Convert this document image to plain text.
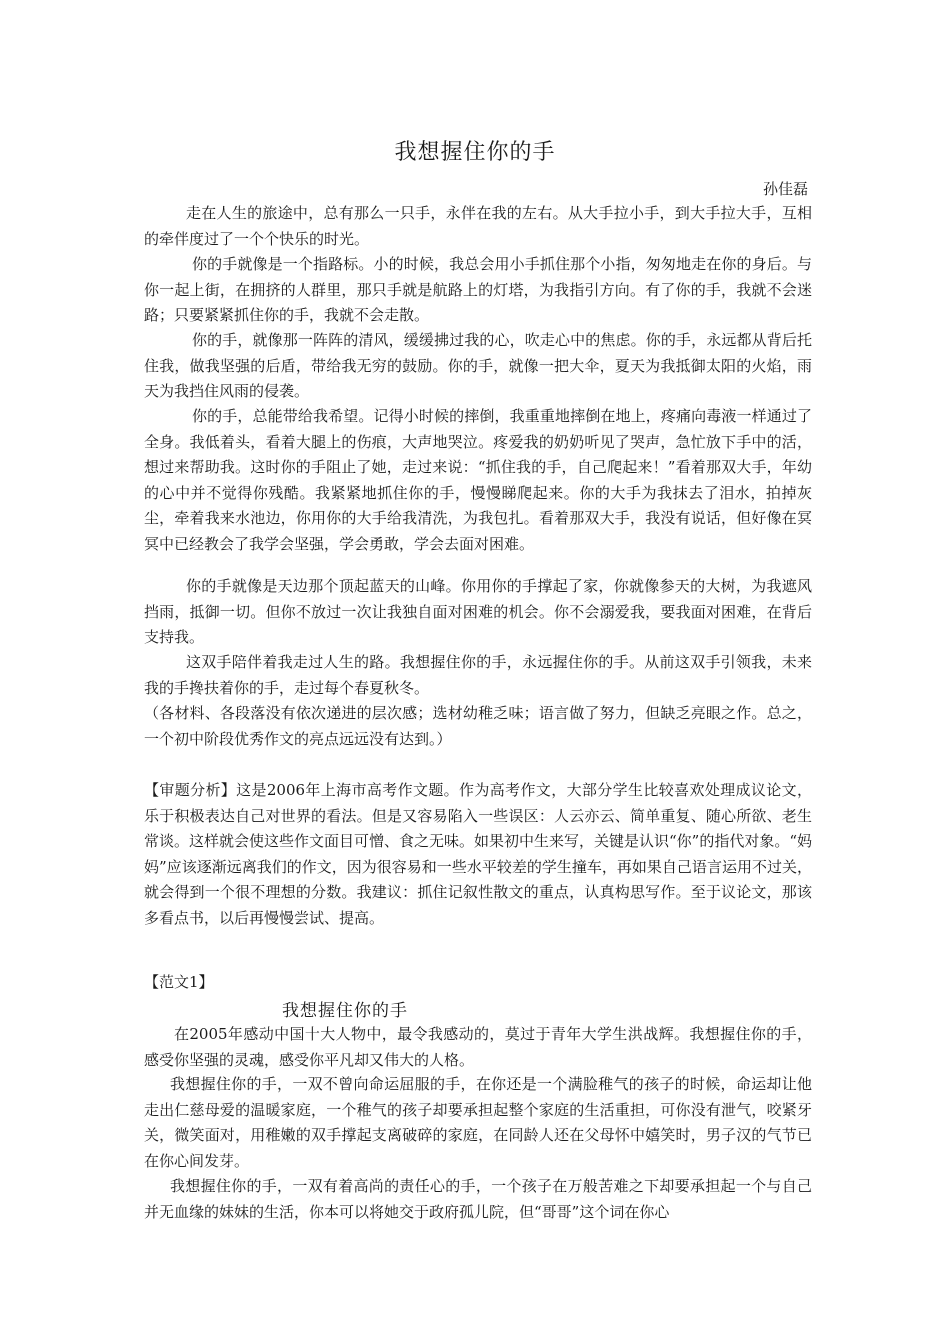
我想握住你的手
孙佳磊

走在人生的旅途中，总有那么一只手，永伴在我的左右。从大手拉小手，到大手拉大手，互相的牵伴度过了一个个快乐的时光。

你的手就像是一个指路标。小的时候，我总会用小手抓住那个小指，匆匆地走在你的身后。与你一起上街，在拥挤的人群里，那只手就是航路上的灯塔，为我指引方向。有了你的手，我就不会迷路；只要紧紧抓住你的手，我就不会走散。

你的手，就像那一阵阵的清风，缓缓拂过我的心，吹走心中的焦虑。你的手，永远都从背后托住我，做我坚强的后盾，带给我无穷的鼓励。你的手，就像一把大伞，夏天为我抵御太阳的火焰，雨天为我挡住风雨的侵袭。

你的手，总能带给我希望。记得小时候的摔倒，我重重地摔倒在地上，疼痛向毒液一样通过了全身。我低着头，看着大腿上的伤痕，大声地哭泣。疼爱我的奶奶听见了哭声，急忙放下手中的活，想过来帮助我。这时你的手阻止了她，走过来说：“抓住我的手，自己爬起来！”看着那双大手，年幼的心中并不觉得你残酷。我紧紧地抓住你的手，慢慢睇爬起来。你的大手为我抹去了泪水，拍掉灰尘，牵着我来水池边，你用你的大手给我清洗，为我包扎。看着那双大手，我没有说话，但好像在冥冥中已经教会了我学会坚强，学会勇敢，学会去面对困难。

你的手就像是天边那个顶起蓝天的山峰。你用你的手撑起了家，你就像参天的大树，为我遮风挡雨，抵御一切。但你不放过一次让我独自面对困难的机会。你不会溺爱我，要我面对困难，在背后支持我。

这双手陪伴着我走过人生的路。我想握住你的手，永远握住你的手。从前这双手引领我，未来我的手搀扶着你的手，走过每个春夏秋冬。

（各材料、各段落没有依次递进的层次感；选材幼稚乏味；语言做了努力，但缺乏亮眼之作。总之，一个初中阶段优秀作文的亮点远远没有达到。）

【审题分析】这是2006年上海市高考作文题。作为高考作文，大部分学生比较喜欢处理成议论文，乐于积极表达自己对世界的看法。但是又容易陷入一些误区：人云亦云、简单重复、随心所欲、老生常谈。这样就会使这些作文面目可憎、食之无味。如果初中生来写，关键是认识“你”的指代对象。“妈妈”应该逐渐远离我们的作文，因为很容易和一些水平较差的学生撞车，再如果自己语言运用不过关，就会得到一个很不理想的分数。我建议：抓住记叙性散文的重点，认真构思写作。至于议论文，那该多看点书，以后再慢慢尝试、提高。

【范文1】
我想握住你的手

在2005年感动中国十大人物中，最令我感动的，莫过于青年大学生洪战辉。我想握住你的手，感受你坚强的灵魂，感受你平凡却又伟大的人格。

我想握住你的手，一双不曾向命运屈服的手，在你还是一个满脸稚气的孩子的时候，命运却让他走出仁慈母爱的温暖家庭，一个稚气的孩子却要承担起整个家庭的生活重担，可你没有泄气，咬紧牙关，微笑面对，用稚嫩的双手撑起支离破碎的家庭，在同龄人还在父母怀中嬉笑时，男子汉的气节已在你心间发芽。

我想握住你的手，一双有着高尚的责任心的手，一个孩子在万般苦难之下却要承担起一个与自己并无血缘的妹妹的生活，你本可以将她交于政府孤儿院，但“哥哥”这个词在你心
